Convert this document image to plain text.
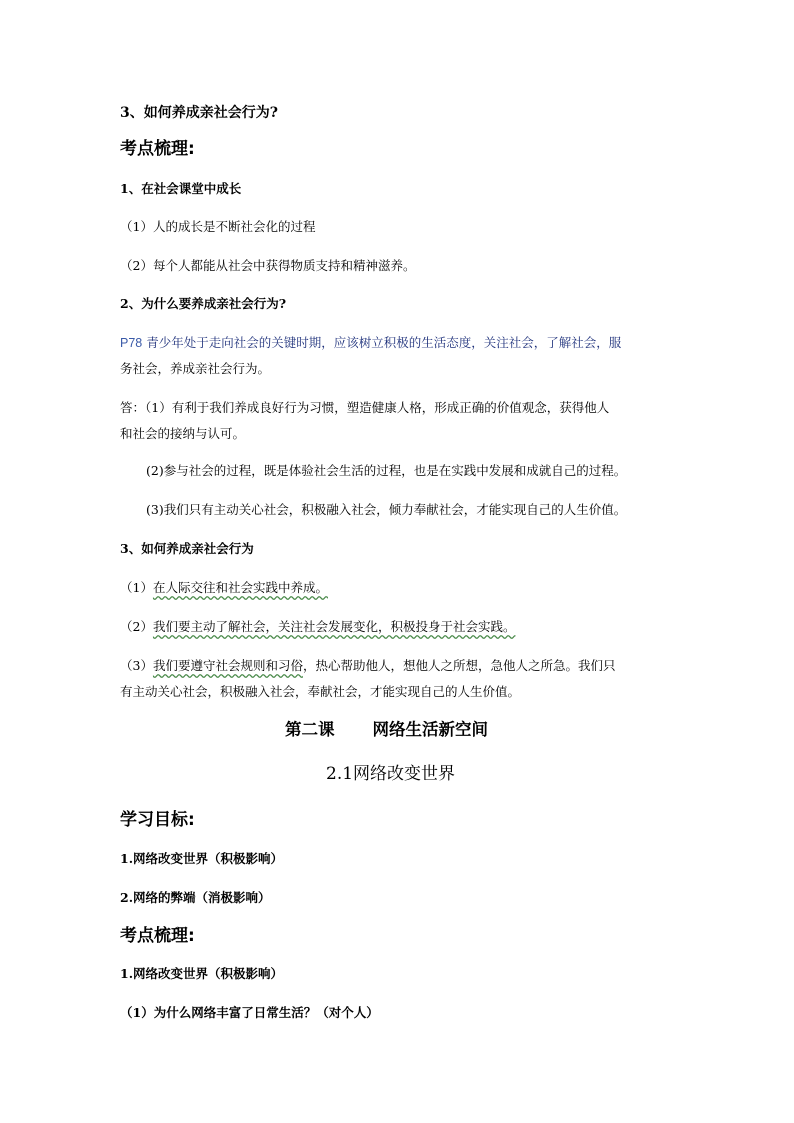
3、如何养成亲社会行为?
考点梳理:
1、在社会课堂中成长
（1）人的成长是不断社会化的过程
（2）每个人都能从社会中获得物质支持和精神滋养。
2、为什么要养成亲社会行为?
P78 青少年处于走向社会的关键时期，应该树立积极的生活态度，关注社会，了解社会，服
务社会，养成亲社会行为。
答：（1）有利于我们养成良好行为习惯，塑造健康人格，形成正确的价值观念，获得他人
和社会的接纳与认可。
(2)参与社会的过程，既是体验社会生活的过程，也是在实践中发展和成就自己的过程。
(3)我们只有主动关心社会，积极融入社会，倾力奉献社会，才能实现自己的人生价值。
3、如何养成亲社会行为
（1）在人际交往和社会实践中养成。
（2）我们要主动了解社会，关注社会发展变化，积极投身于社会实践。
（3）我们要遵守社会规则和习俗，热心帮助他人，想他人之所想，急他人之所急。我们只
有主动关心社会，积极融入社会，奉献社会，才能实现自己的人生价值。
第二课 网络生活新空间
2.1网络改变世界
学习目标:
1.网络改变世界（积极影响）
2.网络的弊端（消极影响）
考点梳理:
1.网络改变世界（积极影响）
（1）为什么网络丰富了日常生活？（对个人）
